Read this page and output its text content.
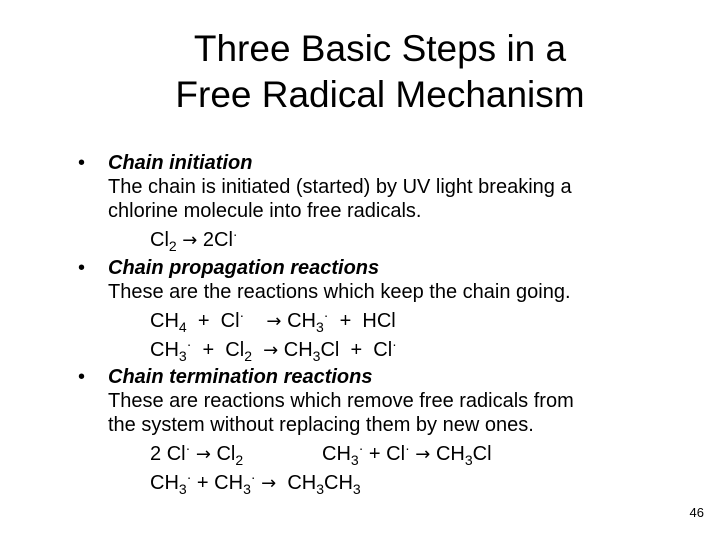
Three Basic Steps in a
Free Radical Mechanism
• Chain initiation
The chain is initiated (started) by UV light breaking a
chlorine molecule into free radicals.
$Cl_2 \to 2Cl^\cdot$
• Chain propagation reactions
These are the reactions which keep the chain going.
$CH_4 + Cl^\cdot \to CH_3^\cdot$ + HCl
$CH_3^\cdot + Cl_2 \to CH_3Cl + Cl^\cdot$
• Chain termination reactions
These are reactions which remove free radicals from
the system without replacing them by new ones.
2 $Cl^\cdot \to Cl_2$	$CH_3^\cdot + Cl^\cdot \to CH_3Cl$
$CH_3^\cdot + CH_3^\cdot \to CH_3CH_3$
46
